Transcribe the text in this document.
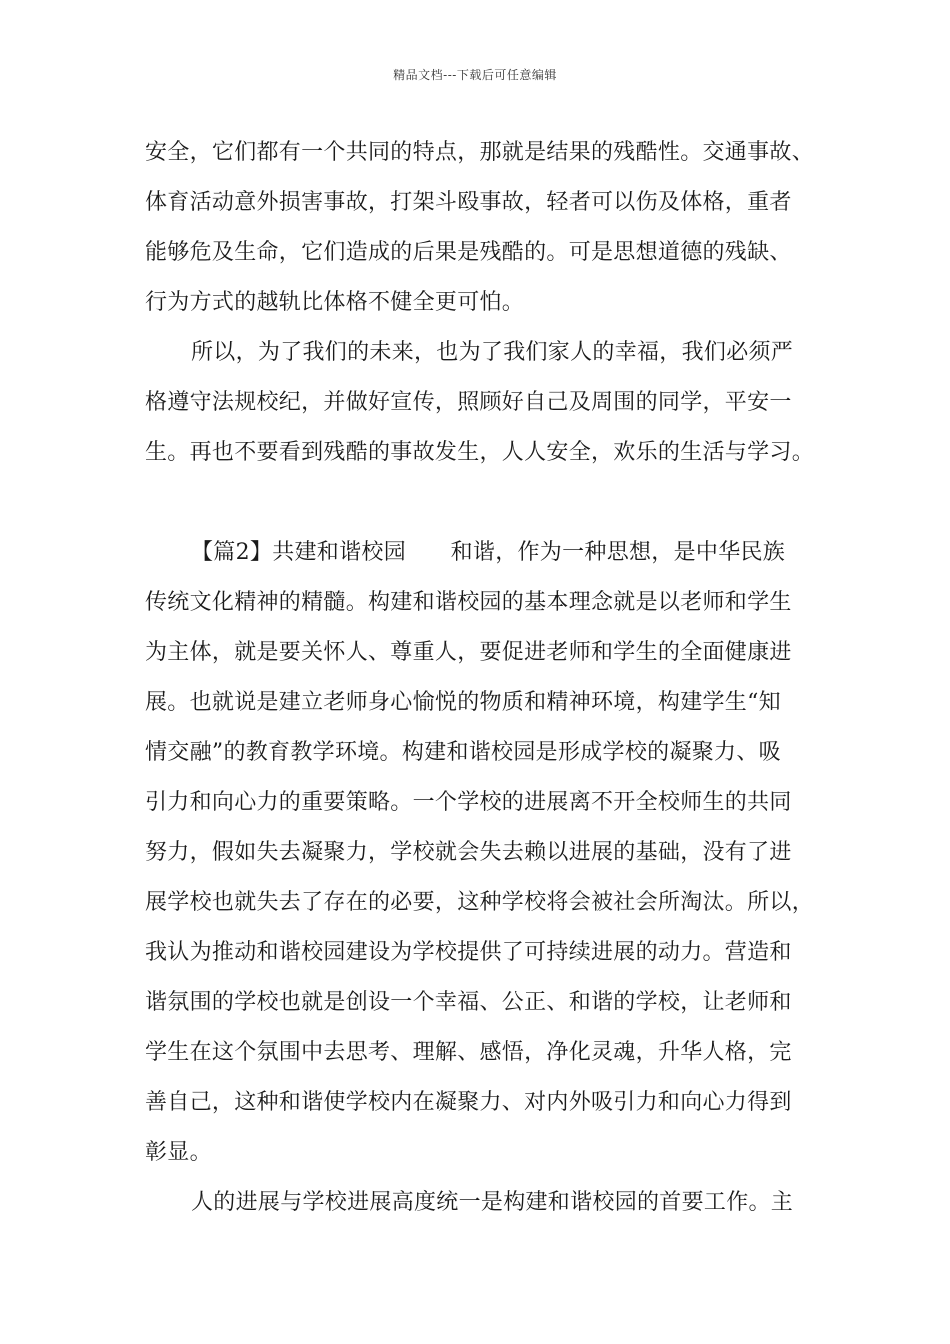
精品文档---下载后可任意编辑
安全，它们都有一个共同的特点，那就是结果的残酷性。交通事故、
体育活动意外损害事故，打架斗殴事故，轻者可以伤及体格，重者
能够危及生命，它们造成的后果是残酷的。可是思想道德的残缺、
行为方式的越轨比体格不健全更可怕。
所以，为了我们的未来，也为了我们家人的幸福，我们必须严
格遵守法规校纪，并做好宣传，照顾好自己及周围的同学，平安一
生。再也不要看到残酷的事故发生，人人安全，欢乐的生活与学习。
【篇2】共建和谐校园　　和谐，作为一种思想，是中华民族
传统文化精神的精髓。构建和谐校园的基本理念就是以老师和学生
为主体，就是要关怀人、尊重人，要促进老师和学生的全面健康进
展。也就说是建立老师身心愉悦的物质和精神环境，构建学生“知
情交融”的教育教学环境。构建和谐校园是形成学校的凝聚力、吸
引力和向心力的重要策略。一个学校的进展离不开全校师生的共同
努力，假如失去凝聚力，学校就会失去赖以进展的基础，没有了进
展学校也就失去了存在的必要，这种学校将会被社会所淘汰。所以，
我认为推动和谐校园建设为学校提供了可持续进展的动力。营造和
谐氛围的学校也就是创设一个幸福、公正、和谐的学校，让老师和
学生在这个氛围中去思考、理解、感悟，净化灵魂，升华人格，完
善自己，这种和谐使学校内在凝聚力、对内外吸引力和向心力得到
彰显。
人的进展与学校进展高度统一是构建和谐校园的首要工作。主
